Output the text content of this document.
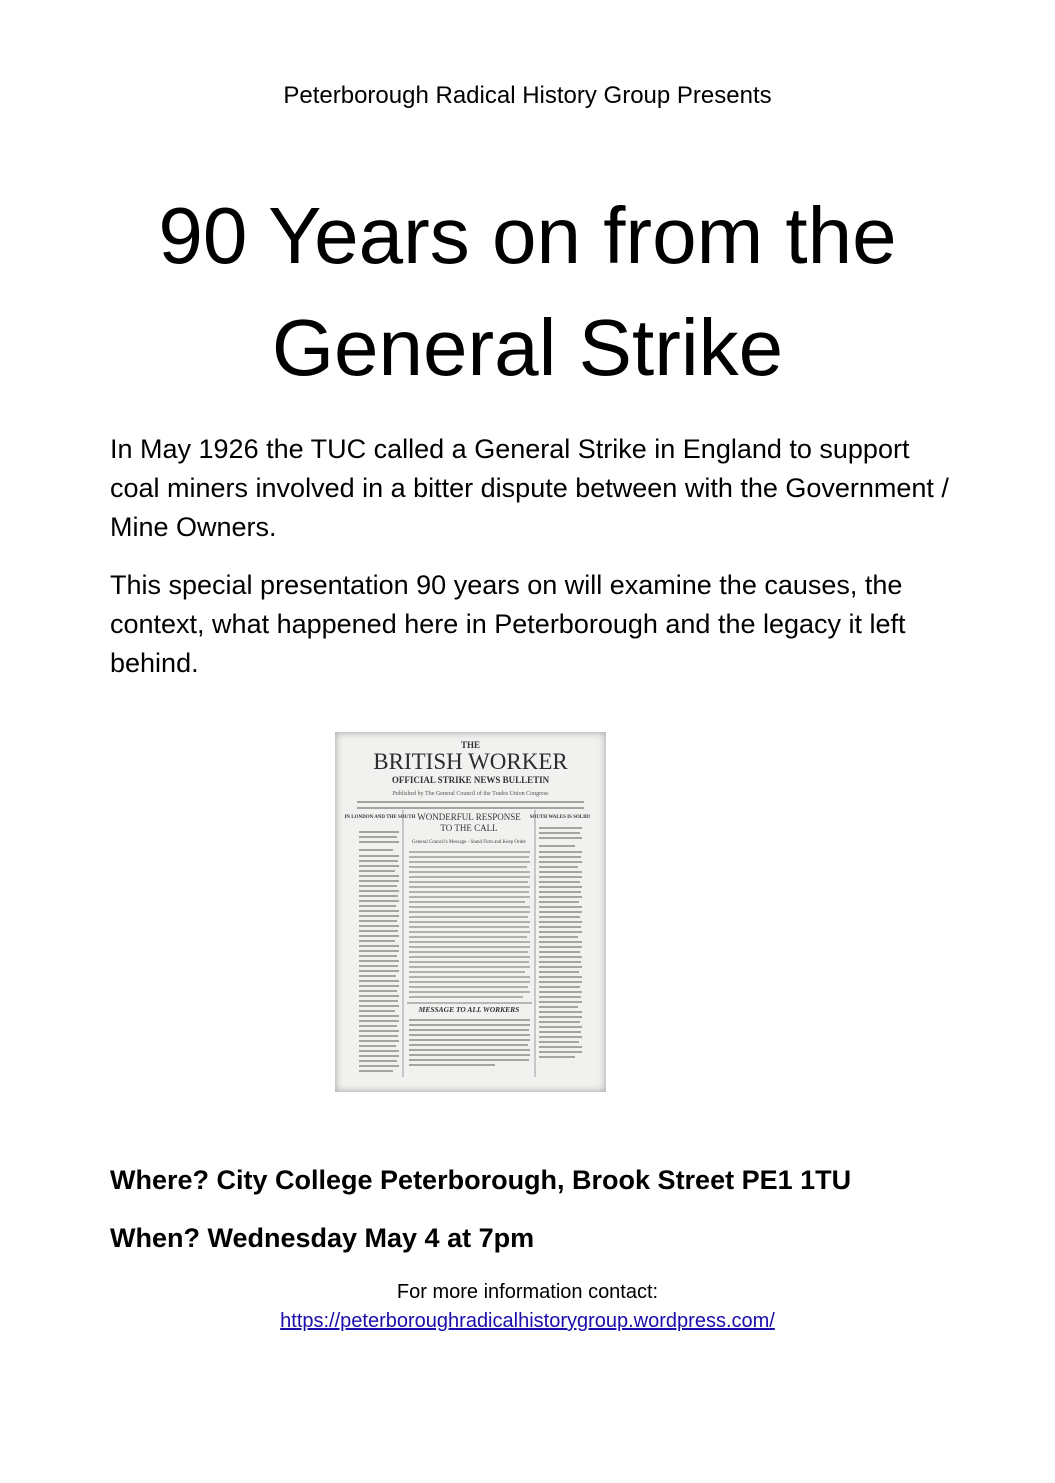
Peterborough Radical History Group Presents
90 Years on from the
General Strike

In May 1926 the TUC called a General Strike in England to support coal miners involved in a bitter dispute between with the Government / Mine Owners.

This special presentation 90 years on will examine the causes, the context, what happened here in Peterborough and the legacy it left behind.

THE
BRITISH WORKER
OFFICIAL STRIKE NEWS BULLETIN
Published by The General Council of the Trades Union Congress
IN LONDON AND THE SOUTH WONDERFUL RESPONSE
TO THE CALL
General Council's Message - Stand Firm and Keep Order
SOUTH WALES IS SOLID!
MESSAGE TO ALL WORKERS

Where? City College Peterborough, Brook Street PE1 1TU

When? Wednesday May 4 at 7pm

For more information contact:
https://peterboroughradicalhistorygroup.wordpress.com/
